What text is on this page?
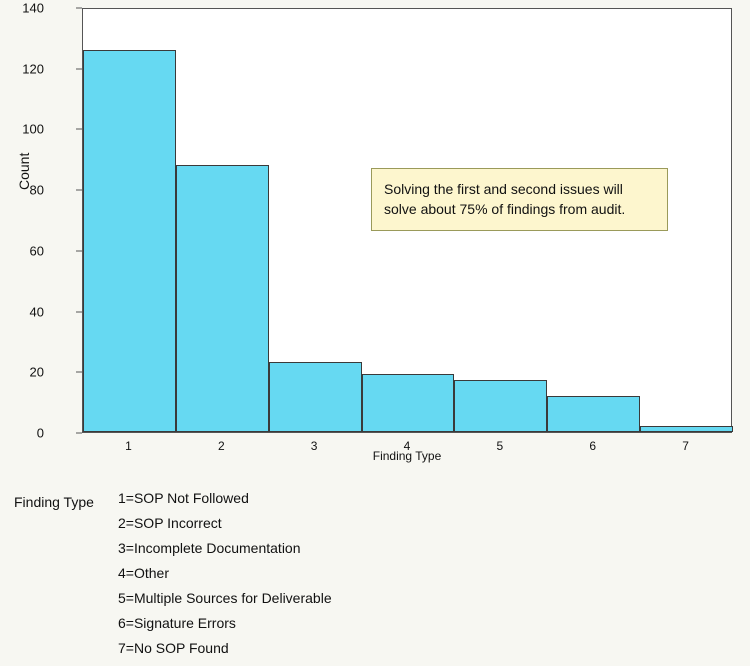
Count
0
20
40
60
80
100
120
140
Solving the first and second issues will solve about 75% of findings from audit.
1	2	3	4	5	6	7
Finding Type
Finding Type 1=SOP Not Followed
2=SOP Incorrect
3=Incomplete Documentation
4=Other
5=Multiple Sources for Deliverable
6=Signature Errors
7=No SOP Found
